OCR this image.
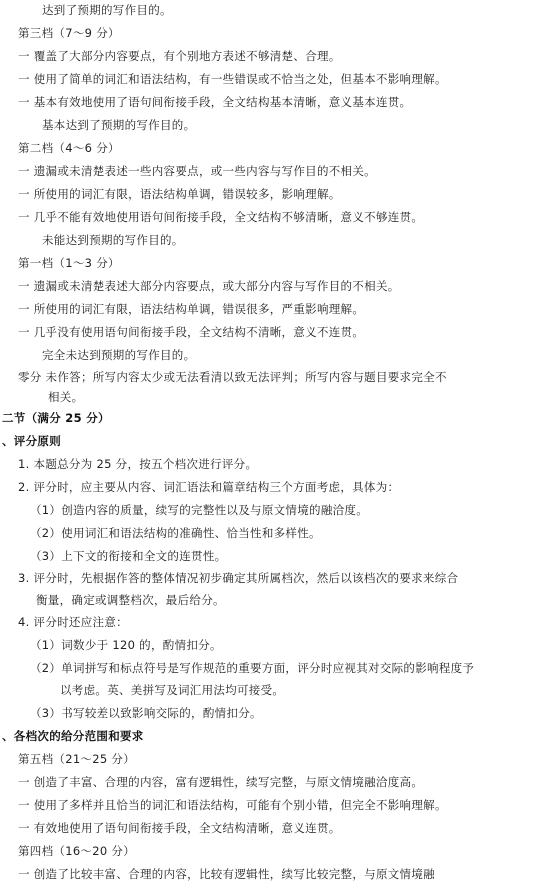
达到了预期的写作目的。
第三档（7～9 分）
一 覆盖了大部分内容要点，有个别地方表述不够清楚、合理。
一 使用了简单的词汇和语法结构，有一些错误或不恰当之处，但基本不影响理解。
一 基本有效地使用了语句间衔接手段，全文结构基本清晰，意义基本连贯。
基本达到了预期的写作目的。
第二档（4～6 分）
一 遗漏或未清楚表述一些内容要点，或一些内容与写作目的不相关。
一 所使用的词汇有限，语法结构单调，错误较多，影响理解。
一 几乎不能有效地使用语句间衔接手段，全文结构不够清晰，意义不够连贯。
未能达到预期的写作目的。
第一档（1～3 分）
一 遗漏或未清楚表述大部分内容要点，或大部分内容与写作目的不相关。
一 所使用的词汇有限，语法结构单调，错误很多，严重影响理解。
一 几乎没有使用语句间衔接手段，全文结构不清晰，意义不连贯。
完全未达到预期的写作目的。
零分 未作答；所写内容太少或无法看清以致无法评判；所写内容与题目要求完全不
相关。
二节（满分 25 分）
、评分原则
1. 本题总分为 25 分，按五个档次进行评分。
2. 评分时，应主要从内容、词汇语法和篇章结构三个方面考虑，具体为：
（1）创造内容的质量，续写的完整性以及与原文情境的融洽度。
（2）使用词汇和语法结构的准确性、恰当性和多样性。
（3）上下文的衔接和全文的连贯性。
3. 评分时，先根据作答的整体情况初步确定其所属档次，然后以该档次的要求来综合
衡量，确定或调整档次，最后给分。
4. 评分时还应注意：
（1）词数少于 120 的，酌情扣分。
（2）单词拼写和标点符号是写作规范的重要方面，评分时应视其对交际的影响程度予
以考虑。英、美拼写及词汇用法均可接受。
（3）书写较差以致影响交际的，酌情扣分。
、各档次的给分范围和要求
第五档（21～25 分）
一 创造了丰富、合理的内容，富有逻辑性，续写完整，与原文情境融洽度高。
一 使用了多样并且恰当的词汇和语法结构，可能有个别小错，但完全不影响理解。
一 有效地使用了语句间衔接手段，全文结构清晰，意义连贯。
第四档（16～20 分）
一 创造了比较丰富、合理的内容，比较有逻辑性，续写比较完整，与原文情境融
